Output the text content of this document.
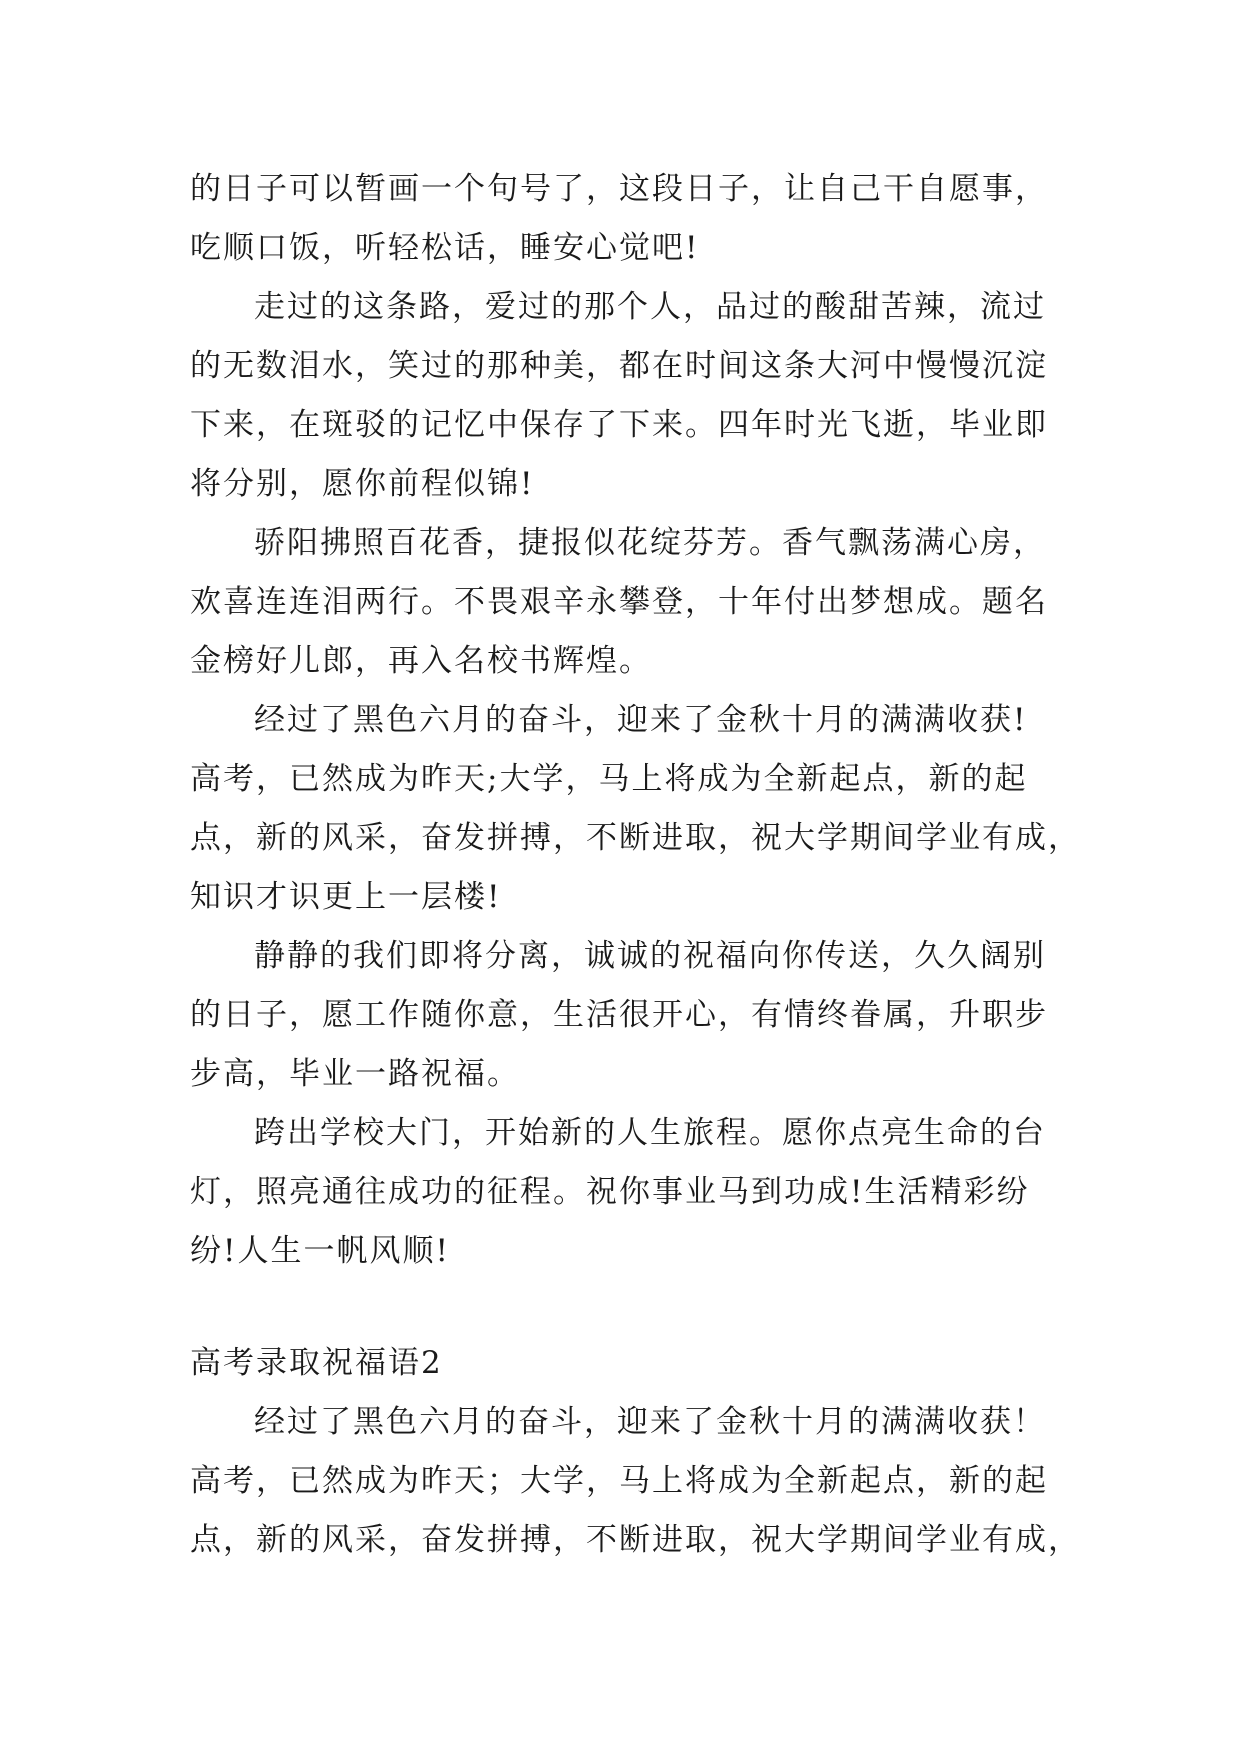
的日子可以暂画一个句号了，这段日子，让自己干自愿事，
吃顺口饭，听轻松话，睡安心觉吧!
走过的这条路，爱过的那个人，品过的酸甜苦辣，流过
的无数泪水，笑过的那种美，都在时间这条大河中慢慢沉淀
下来，在斑驳的记忆中保存了下来。四年时光飞逝，毕业即
将分别，愿你前程似锦!
骄阳拂照百花香，捷报似花绽芬芳。香气飘荡满心房，
欢喜连连泪两行。不畏艰辛永攀登，十年付出梦想成。题名
金榜好儿郎，再入名校书辉煌。
经过了黑色六月的奋斗，迎来了金秋十月的满满收获!
高考，已然成为昨天;大学，马上将成为全新起点，新的起
点，新的风采，奋发拼搏，不断进取，祝大学期间学业有成，
知识才识更上一层楼!
静静的我们即将分离，诚诚的祝福向你传送，久久阔别
的日子，愿工作随你意，生活很开心，有情终眷属，升职步
步高，毕业一路祝福。
跨出学校大门，开始新的人生旅程。愿你点亮生命的台
灯，照亮通往成功的征程。祝你事业马到功成!生活精彩纷
纷!人生一帆风顺!
高考录取祝福语2
经过了黑色六月的奋斗，迎来了金秋十月的满满收获！
高考，已然成为昨天；大学，马上将成为全新起点，新的起
点，新的风采，奋发拼搏，不断进取，祝大学期间学业有成，
